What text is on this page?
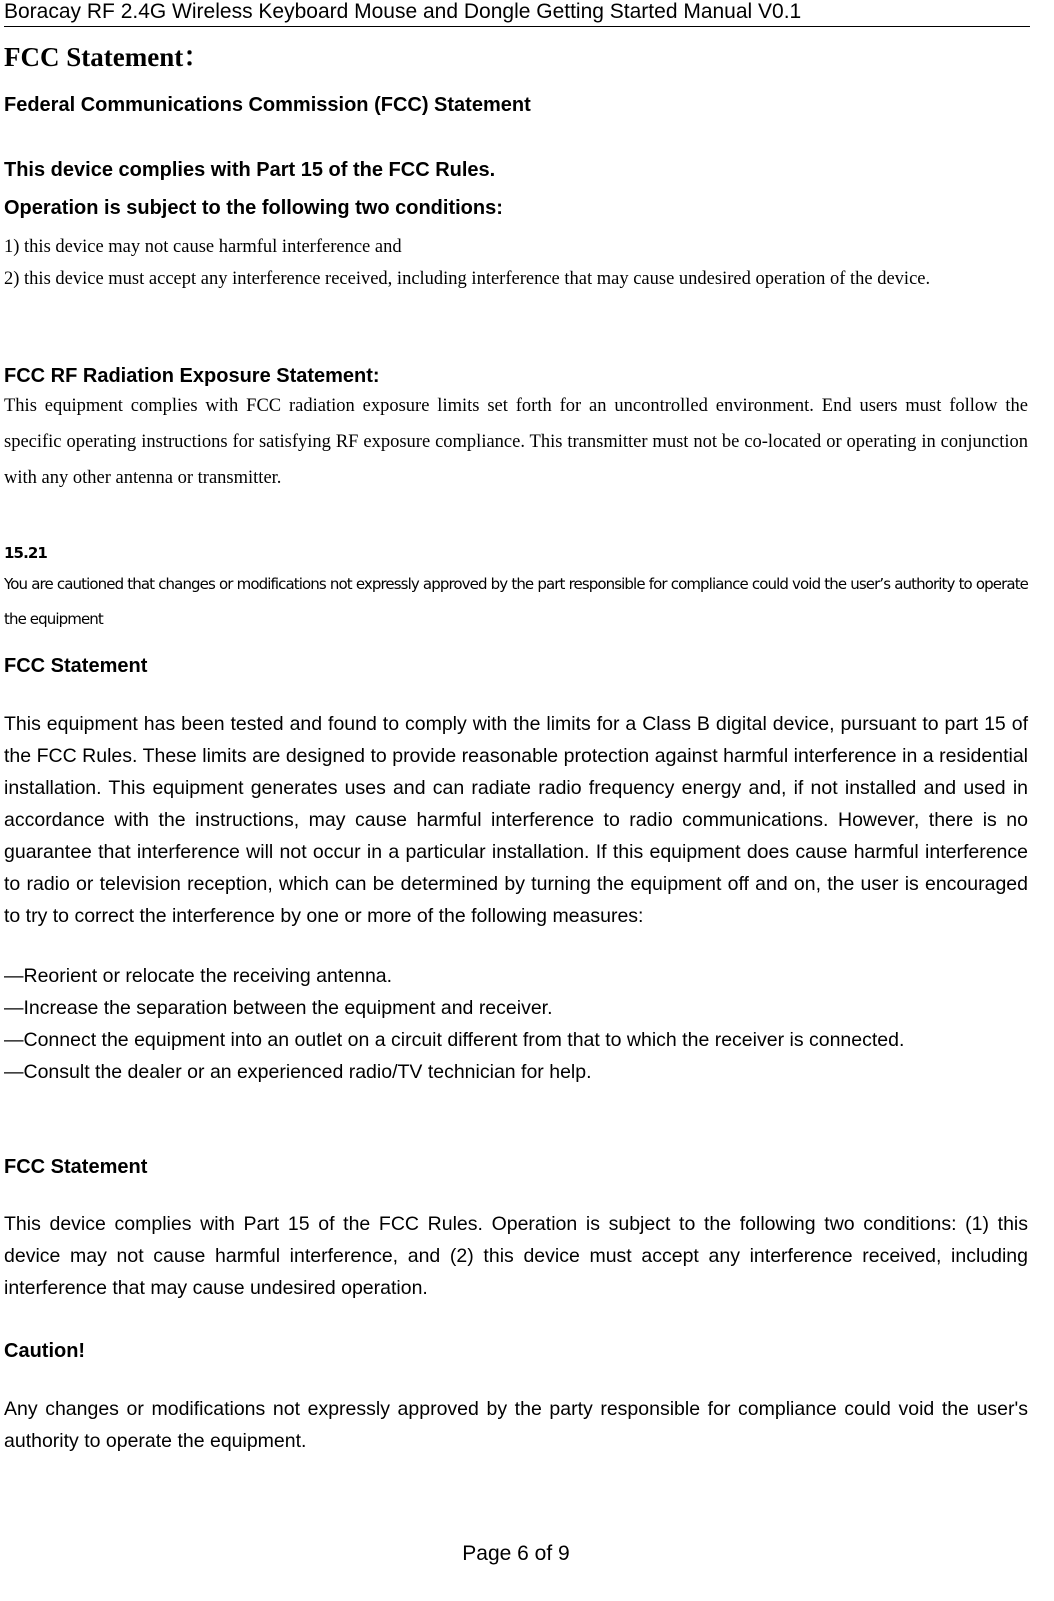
Boracay RF 2.4G Wireless Keyboard Mouse and Dongle Getting Started Manual V0.1
FCC Statement：
Federal Communications Commission (FCC) Statement
This device complies with Part 15 of the FCC Rules.
Operation is subject to the following two conditions:
1) this device may not cause harmful interference and
2) this device must accept any interference received, including interference that may cause undesired operation of the device.
FCC RF Radiation Exposure Statement:
This equipment complies with FCC radiation exposure limits set forth for an uncontrolled environment. End users must follow the specific operating instructions for satisfying RF exposure compliance. This transmitter must not be co-located or operating in conjunction with any other antenna or transmitter.
15.21
You are cautioned that changes or modifications not expressly approved by the part responsible for compliance could void the user’s authority to operate the equipment
FCC Statement
This equipment has been tested and found to comply with the limits for a Class B digital device, pursuant to part 15 of the FCC Rules. These limits are designed to provide reasonable protection against harmful interference in a residential installation. This equipment generates uses and can radiate radio frequency energy and, if not installed and used in accordance with the instructions, may cause harmful interference to radio communications. However, there is no guarantee that interference will not occur in a particular installation. If this equipment does cause harmful interference to radio or television reception, which can be determined by turning the equipment off and on, the user is encouraged to try to correct the interference by one or more of the following measures:
—Reorient or relocate the receiving antenna.
—Increase the separation between the equipment and receiver.
—Connect the equipment into an outlet on a circuit different from that to which the receiver is connected.
—Consult the dealer or an experienced radio/TV technician for help.
FCC Statement
This device complies with Part 15 of the FCC Rules. Operation is subject to the following two conditions: (1) this device may not cause harmful interference, and (2) this device must accept any interference received, including interference that may cause undesired operation.
Caution!
Any changes or modifications not expressly approved by the party responsible for compliance could void the user's authority to operate the equipment.
Page 6 of 9
